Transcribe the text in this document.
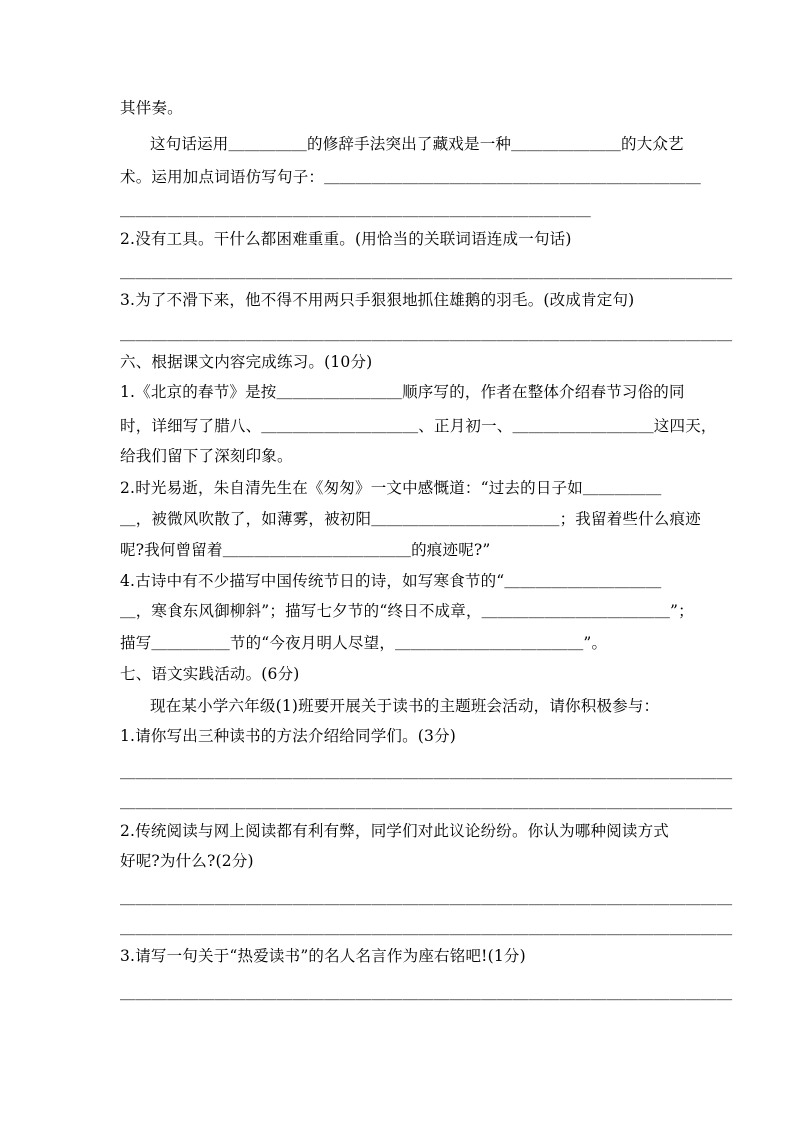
其伴奏。
这句话运用＿＿＿＿＿的修辞手法突出了藏戏是一种＿＿＿＿＿＿＿的大众艺
术。运用加点词语仿写句子：＿＿＿＿＿＿＿＿＿＿＿＿＿＿＿＿＿＿＿＿＿＿＿＿
＿＿＿＿＿＿＿＿＿＿＿＿＿＿＿＿＿＿＿＿＿＿＿＿＿＿＿＿＿＿
2.没有工具。干什么都困难重重。(用恰当的关联词语连成一句话)
＿＿＿＿＿＿＿＿＿＿＿＿＿＿＿＿＿＿＿＿＿＿＿＿＿＿＿＿＿＿＿＿＿＿＿＿＿＿＿
3.为了不滑下来，他不得不用两只手狠狠地抓住雄鹅的羽毛。(改成肯定句)
＿＿＿＿＿＿＿＿＿＿＿＿＿＿＿＿＿＿＿＿＿＿＿＿＿＿＿＿＿＿＿＿＿＿＿＿＿＿＿
六、根据课文内容完成练习。(10分)
1.《北京的春节》是按＿＿＿＿＿＿＿＿顺序写的，作者在整体介绍春节习俗的同
时，详细写了腊八、＿＿＿＿＿＿＿＿＿＿、正月初一、＿＿＿＿＿＿＿＿＿这四天，
给我们留下了深刻印象。
2.时光易逝，朱自清先生在《匆匆》一文中感慨道：“过去的日子如＿＿＿＿＿
＿，被微风吹散了，如薄雾，被初阳＿＿＿＿＿＿＿＿＿＿＿＿；我留着些什么痕迹
呢?我何曾留着＿＿＿＿＿＿＿＿＿＿＿＿的痕迹呢?”
4.古诗中有不少描写中国传统节日的诗，如写寒食节的“＿＿＿＿＿＿＿＿＿＿
＿，寒食东风御柳斜”；描写七夕节的“终日不成章，＿＿＿＿＿＿＿＿＿＿＿＿”；
描写＿＿＿＿＿节的“今夜月明人尽望，＿＿＿＿＿＿＿＿＿＿＿＿”。
七、语文实践活动。(6分)
现在某小学六年级(1)班要开展关于读书的主题班会活动，请你积极参与：
1.请你写出三种读书的方法介绍给同学们。(3分)
＿＿＿＿＿＿＿＿＿＿＿＿＿＿＿＿＿＿＿＿＿＿＿＿＿＿＿＿＿＿＿＿＿＿＿＿＿＿＿
＿＿＿＿＿＿＿＿＿＿＿＿＿＿＿＿＿＿＿＿＿＿＿＿＿＿＿＿＿＿＿＿＿＿＿＿＿＿＿
2.传统阅读与网上阅读都有利有弊，同学们对此议论纷纷。你认为哪种阅读方式
好呢?为什么?(2分)
＿＿＿＿＿＿＿＿＿＿＿＿＿＿＿＿＿＿＿＿＿＿＿＿＿＿＿＿＿＿＿＿＿＿＿＿＿＿＿
＿＿＿＿＿＿＿＿＿＿＿＿＿＿＿＿＿＿＿＿＿＿＿＿＿＿＿＿＿＿＿＿＿＿＿＿＿＿＿
3.请写一句关于“热爱读书”的名人名言作为座右铭吧!(1分)
＿＿＿＿＿＿＿＿＿＿＿＿＿＿＿＿＿＿＿＿＿＿＿＿＿＿＿＿＿＿＿＿＿＿＿＿＿＿＿
